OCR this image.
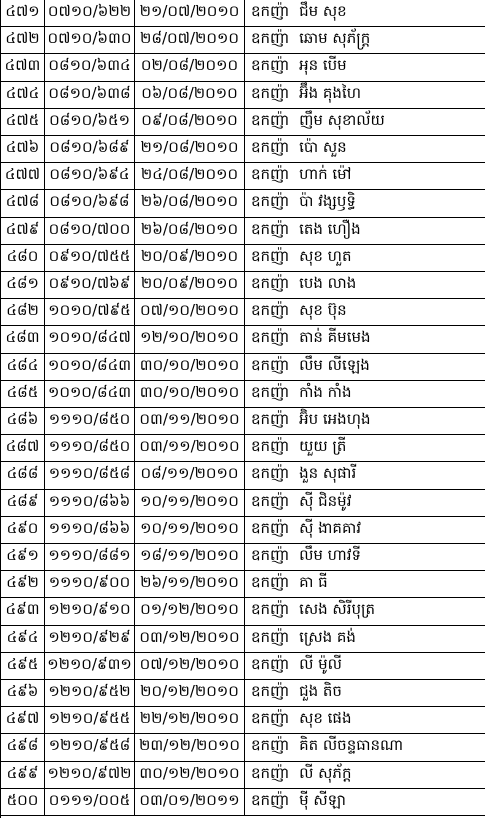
៤៧១ ០៧១០/៦២២ ២១/០៧/២០១០ ឧកញ៉ា ជឹម សុខ
៤៧២ ០៧១០/៦៣០ ២៨/០៧/២០១០ ឧកញ៉ា ឆោម សុភ័ក្ត្រ
៤៧៣ ០៨១០/៦៣៤ ០២/០៨/២០១០ ឧកញ៉ា អុន បើម
៤៧៤ ០៨១០/៦៣៨ ០៦/០៨/២០១០ ឧកញ៉ា អ៊ឹង គុងហៃ
៤៧៥ ០៨១០/៦៥១ ០៩/០៨/២០១០ ឧកញ៉ា ញឹម សុខាល័យ
៤៧៦ ០៨១០/៦៨៩ ២១/០៨/២០១០ ឧកញ៉ា ប៉ោ សួន
៤៧៧ ០៨១០/៦៩៤ ២៤/០៨/២០១០ ឧកញ៉ា ហាក់ ម៉ៅ
៤៧៨ ០៨១០/៦៩៨ ២៦/០៨/២០១០ ឧកញ៉ា ប៉ា វង្សឫទ្ធិ
៤៧៩ ០៨១០/៧០០ ២៦/០៨/២០១០ ឧកញ៉ា តេង ហឿង
៤៨០ ០៩១០/៧៥៥ ២០/០៩/២០១០ ឧកញ៉ា សុខ ហួត
៤៨១ ០៩១០/៧៦៩ ២០/០៩/២០១០ ឧកញ៉ា បេង លាង
៤៨២ ១០១០/៧៩៥ ០៧/១០/២០១០ ឧកញ៉ា សុខ ប៊ុន
៤៨៣ ១០១០/៨៤៧ ១២/១០/២០១០ ឧកញ៉ា តាន់ គីមមេង
៤៨៤ ១០១០/៨៤៣ ៣០/១០/២០១០ ឧកញ៉ា លឹម លីឡេង
៤៨៥ ១០១០/៨៤៣ ៣០/១០/២០១០ ឧកញ៉ា កាំង កាំង
៤៨៦ ១១១០/៨៥០ ០៣/១១/២០១០ ឧកញ៉ា អ៊ិប អេងហុង
៤៨៧ ១១១០/៨៥០ ០៣/១១/២០១០ ឧកញ៉ា យួយ ត្រី
៤៨៨ ១១១០/៨៥៨ ០៨/១១/២០១០ ឧកញ៉ា ងួន សុផារី
៤៨៩ ១១១០/៨៦៦ ១០/១១/២០១០ ឧកញ៉ា ស៊ី ជិនម៉ូវ
៤៩០ ១១១០/៨៦៦ ១០/១១/២០១០ ឧកញ៉ា ស៊ី ងាគគាវ
៤៩១ ១១១០/៨៨១ ១៨/១១/២០១០ ឧកញ៉ា លឹម ហាវទី
៤៩២ ១១១០/៩០០ ២៦/១១/២០១០ ឧកញ៉ា គា ធី
៤៩៣ ១២១០/៩១០ ០១/១២/២០១០ ឧកញ៉ា សេង សិរីបុត្រ
៤៩៤ ១២១០/៩២៩ ០៣/១២/២០១០ ឧកញ៉ា ស្រេង គង់
៤៩៥ ១២១០/៩៣១ ០៧/១២/២០១០ ឧកញ៉ា លី ម៉ូលី
៤៩៦ ១២១០/៩៥២ ២០/១២/២០១០ ឧកញ៉ា ជួង តិច
៤៩៧ ១២១០/៩៥៥ ២២/១២/២០១០ ឧកញ៉ា សុខ ផេង
៤៩៨ ១២១០/៩៥៨ ២៣/១២/២០១០ ឧកញ៉ា គិត លីចន្ទធានណា
៤៩៩ ១២១០/៩៧២ ៣០/១២/២០១០ ឧកញ៉ា លី សុភ័ក្ត
៥០០ ០១១១/០០៥ ០៣/០១/២០១១ ឧកញ៉ា ម៉ី សីឡា
